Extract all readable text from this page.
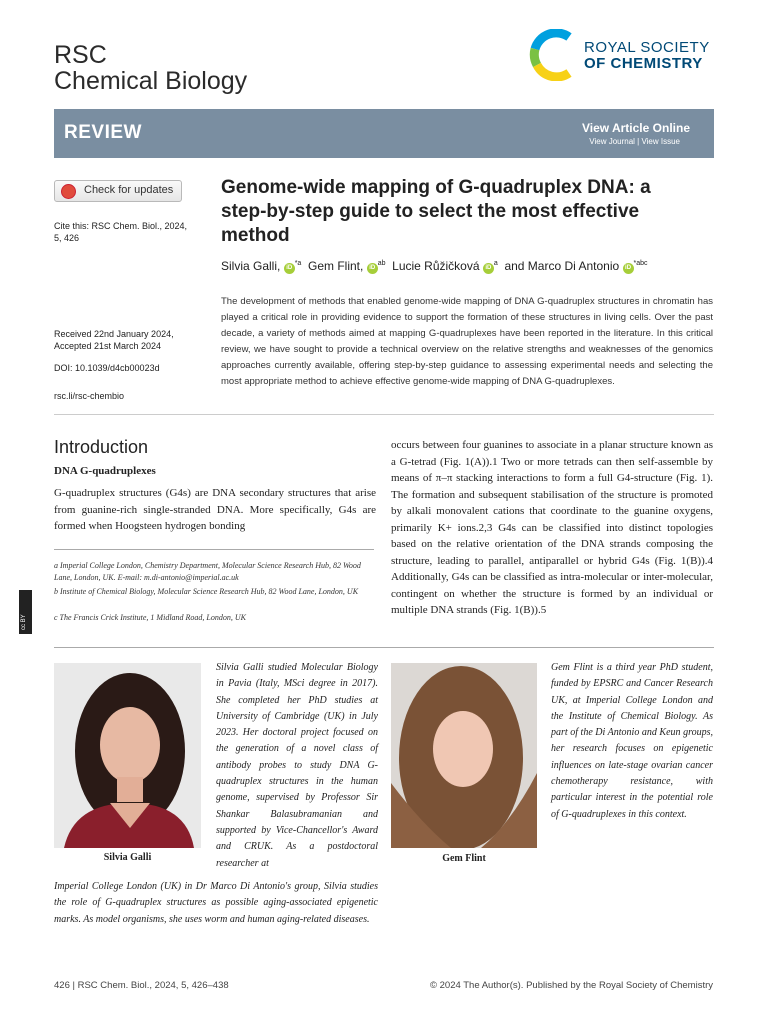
RSC
Chemical Biology
ROYAL SOCIETY
OF CHEMISTRY
REVIEW	View Article Online
View Journal | View Issue
Check for updates
Cite this: RSC Chem. Biol., 2024,
5, 426
Received 22nd January 2024,
Accepted 21st March 2024
DOI: 10.1039/d4cb00023d
rsc.li/rsc-chembio
Genome-wide mapping of G-quadruplex DNA: a step-by-step guide to select the most effective method
Silvia Galli, $iD^{*a}$ Gem Flint, $iD^{ab}$ Lucie Růžičková $iD^a$ and Marco Di Antonio $iD^{*abc}$
The development of methods that enabled genome-wide mapping of DNA G-quadruplex structures in chromatin has played a critical role in providing evidence to support the formation of these structures in living cells. Over the past decade, a variety of methods aimed at mapping G-quadruplexes have been reported in the literature. In this critical review, we have sought to provide a technical overview on the relative strengths and weaknesses of the genomics approaches currently available, offering step-by-step guidance to assessing experimental needs and selecting the most appropriate method to achieve effective genome-wide mapping of DNA G-quadruplexes.
Introduction
DNA G-quadruplexes
G-quadruplex structures (G4s) are DNA secondary structures that arise from guanine-rich single-stranded DNA. More specifically, G4s are formed when Hoogsteen hydrogen bonding
occurs between four guanines to associate in a planar structure known as a G-tetrad (Fig. 1(A)).1 Two or more tetrads can then self-assemble by means of π–π stacking interactions to form a full G4-structure (Fig. 1). The formation and subsequent stabilisation of the structure is promoted by alkali monovalent cations that coordinate to the guanine oxygens, primarily K+ ions.2,3 G4s can be classified into distinct topologies based on the relative orientation of the DNA strands composing the structure, leading to parallel, antiparallel or hybrid G4s (Fig. 1(B)).4 Additionally, G4s can be classified as intra-molecular or inter-molecular, contingent on whether the structure is formed by an individual or multiple DNA strands (Fig. 1(B)).5
a Imperial College London, Chemistry Department, Molecular Science Research Hub, 82 Wood Lane, London, UK. E-mail: m.di-antonio@imperial.ac.uk
b Institute of Chemical Biology, Molecular Science Research Hub, 82 Wood Lane, London, UK
c The Francis Crick Institute, 1 Midland Road, London, UK
cc BY
Silvia Galli
Silvia Galli studied Molecular Biology in Pavia (Italy, MSci degree in 2017). She completed her PhD studies at University of Cambridge (UK) in July 2023. Her doctoral project focused on the generation of a novel class of antibody probes to study DNA G-quadruplex structures in the human genome, supervised by Professor Sir Shankar Balasubramanian and supported by Vice-Chancellor's Award and CRUK. As a postdoctoral researcher at
Imperial College London (UK) in Dr Marco Di Antonio's group, Silvia studies the role of G-quadruplex structures as possible aging-associated epigenetic marks. As model organisms, she uses worm and human aging-related diseases.
Gem Flint
Gem Flint is a third year PhD student, funded by EPSRC and Cancer Research UK, at Imperial College London and the Institute of Chemical Biology. As part of the Di Antonio and Keun groups, her research focuses on epigenetic influences on late-stage ovarian cancer chemotherapy resistance, with particular interest in the potential role of G-quadruplexes in this context.
426 | RSC Chem. Biol., 2024, 5, 426–438	© 2024 The Author(s). Published by the Royal Society of Chemistry
